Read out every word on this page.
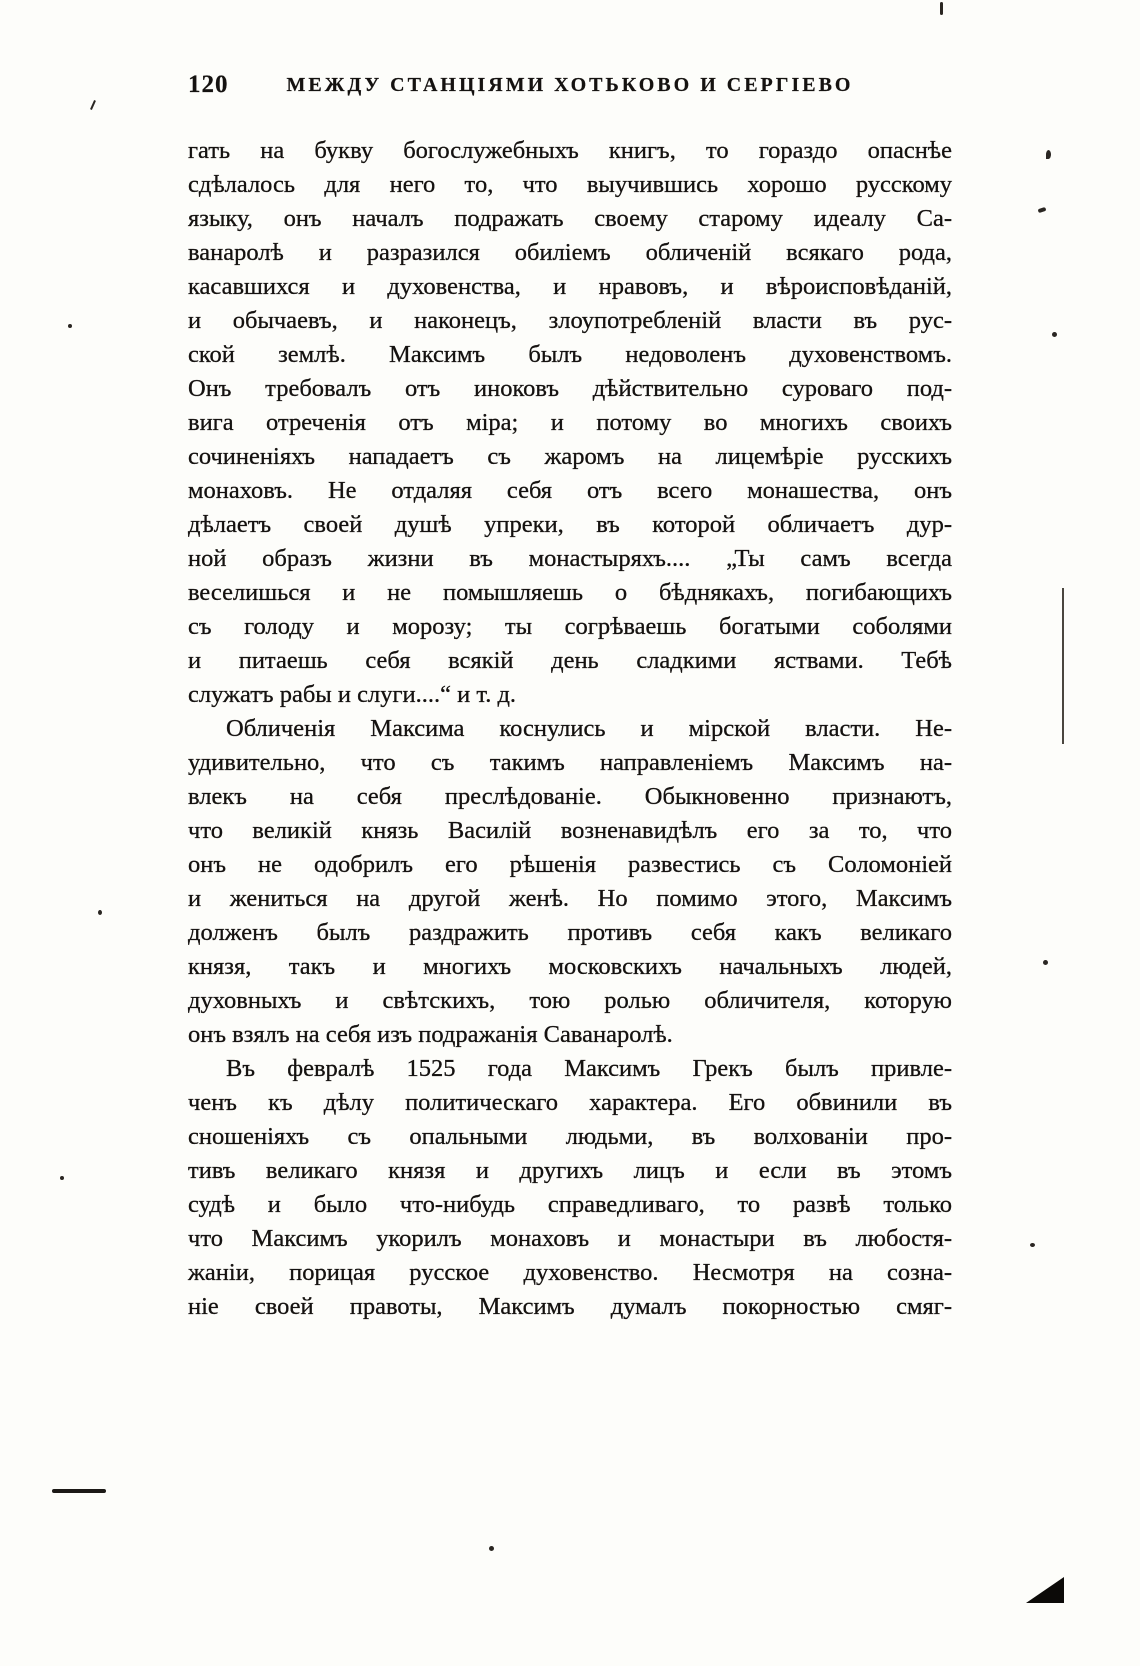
120	МЕЖДУ СТАНЦІЯМИ ХОТЬКОВО И СЕРГІЕВО
гать на букву богослужебныхъ книгъ, то гораздо опаснѣе
сдѣлалось для него то, что выучившись хорошо русскому
языку, онъ началъ подражать своему старому идеалу Са-
ванаролѣ и разразился обиліемъ обличеній всякаго рода,
касавшихся и духовенства, и нравовъ, и вѣроисповѣданій,
и обычаевъ, и наконецъ, злоупотребленій власти въ рус-
ской землѣ. Максимъ былъ недоволенъ духовенствомъ.
Онъ требовалъ отъ иноковъ дѣйствительно суроваго под-
вига отреченія отъ міра; и потому во многихъ своихъ
сочиненіяхъ нападаетъ съ жаромъ на лицемѣріе русскихъ
монаховъ. Не отдаляя себя отъ всего монашества, онъ
дѣлаетъ своей душѣ упреки, въ которой обличаетъ дур-
ной образъ жизни въ монастыряхъ.... „Ты самъ всегда
веселишься и не помышляешь о бѣднякахъ, погибающихъ
съ голоду и морозу; ты согрѣваешь богатыми соболями
и питаешь себя всякій день сладкими яствами. Тебѣ
служатъ рабы и слуги....“ и т. д.
Обличенія Максима коснулись и мірской власти. Не-
удивительно, что съ такимъ направленіемъ Максимъ на-
влекъ на себя преслѣдованіе. Обыкновенно признаютъ,
что великій князь Василій возненавидѣлъ его за то, что
онъ не одобрилъ его рѣшенія развестись съ Соломоніей
и жениться на другой женѣ. Но помимо этого, Максимъ
долженъ былъ раздражить противъ себя какъ великаго
князя, такъ и многихъ московскихъ начальныхъ людей,
духовныхъ и свѣтскихъ, тою ролью обличителя, которую
онъ взялъ на себя изъ подражанія Саванаролѣ.
Въ февралѣ 1525 года Максимъ Грекъ былъ привле-
ченъ къ дѣлу политическаго характера. Его обвинили въ
сношеніяхъ съ опальными людьми, въ волхованіи про-
тивъ великаго князя и другихъ лицъ и если въ этомъ
судѣ и было что-нибудь справедливаго, то развѣ только
что Максимъ укорилъ монаховъ и монастыри въ любостя-
жаніи, порицая русское духовенство. Несмотря на созна-
ніе своей правоты, Максимъ думалъ покорностью смяг-
